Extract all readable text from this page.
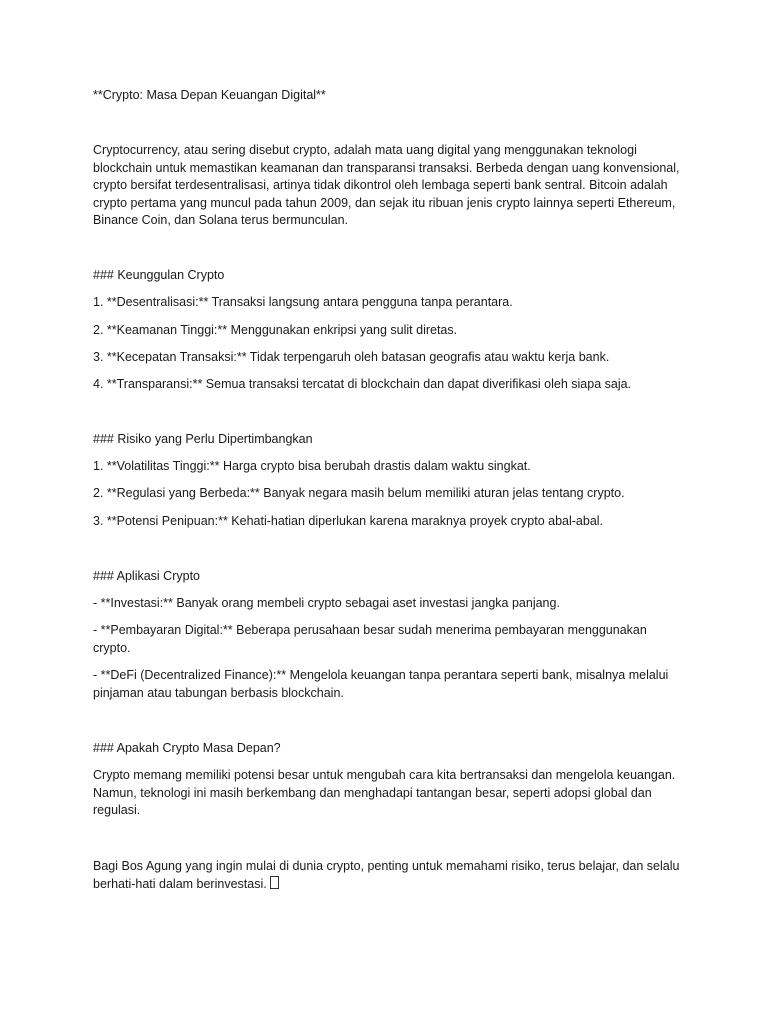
**Crypto: Masa Depan Keuangan Digital**

Cryptocurrency, atau sering disebut crypto, adalah mata uang digital yang menggunakan teknologi blockchain untuk memastikan keamanan dan transparansi transaksi. Berbeda dengan uang konvensional, crypto bersifat terdesentralisasi, artinya tidak dikontrol oleh lembaga seperti bank sentral. Bitcoin adalah crypto pertama yang muncul pada tahun 2009, dan sejak itu ribuan jenis crypto lainnya seperti Ethereum, Binance Coin, dan Solana terus bermunculan.

### Keunggulan Crypto

1. **Desentralisasi:** Transaksi langsung antara pengguna tanpa perantara.

2. **Keamanan Tinggi:** Menggunakan enkripsi yang sulit diretas.

3. **Kecepatan Transaksi:** Tidak terpengaruh oleh batasan geografis atau waktu kerja bank.

4. **Transparansi:** Semua transaksi tercatat di blockchain dan dapat diverifikasi oleh siapa saja.

### Risiko yang Perlu Dipertimbangkan

1. **Volatilitas Tinggi:** Harga crypto bisa berubah drastis dalam waktu singkat.

2. **Regulasi yang Berbeda:** Banyak negara masih belum memiliki aturan jelas tentang crypto.

3. **Potensi Penipuan:** Kehati-hatian diperlukan karena maraknya proyek crypto abal-abal.

### Aplikasi Crypto

- **Investasi:** Banyak orang membeli crypto sebagai aset investasi jangka panjang.

- **Pembayaran Digital:** Beberapa perusahaan besar sudah menerima pembayaran menggunakan crypto.

- **DeFi (Decentralized Finance):** Mengelola keuangan tanpa perantara seperti bank, misalnya melalui pinjaman atau tabungan berbasis blockchain.

### Apakah Crypto Masa Depan?

Crypto memang memiliki potensi besar untuk mengubah cara kita bertransaksi dan mengelola keuangan. Namun, teknologi ini masih berkembang dan menghadapi tantangan besar, seperti adopsi global dan regulasi.

Bagi Bos Agung yang ingin mulai di dunia crypto, penting untuk memahami risiko, terus belajar, dan selalu berhati-hati dalam berinvestasi.
